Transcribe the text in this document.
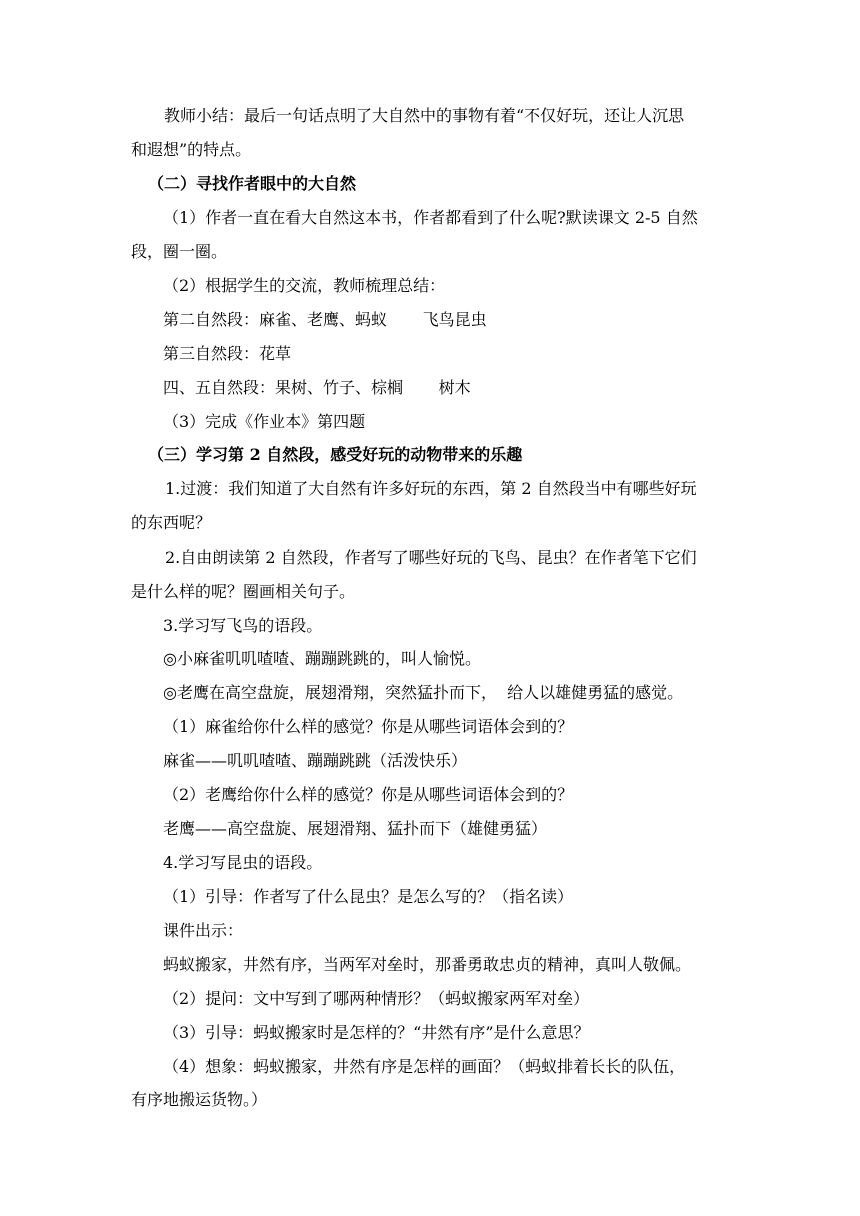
教师小结：最后一句话点明了大自然中的事物有着“不仅好玩，还让人沉思
和遐想”的特点。
（二）寻找作者眼中的大自然
（1）作者一直在看大自然这本书，作者都看到了什么呢?默读课文 2-5 自然
段，圈一圈。
（2）根据学生的交流，教师梳理总结：
第二自然段：麻雀、老鹰、蚂蚁       飞鸟昆虫
第三自然段：花草
四、五自然段：果树、竹子、棕榈       树木
（3）完成《作业本》第四题
（三）学习第 2 自然段，感受好玩的动物带来的乐趣
1.过渡：我们知道了大自然有许多好玩的东西，第 2 自然段当中有哪些好玩
的东西呢？
2.自由朗读第 2 自然段，作者写了哪些好玩的飞鸟、昆虫？在作者笔下它们
是什么样的呢？圈画相关句子。
3.学习写飞鸟的语段。
◎小麻雀叽叽喳喳、蹦蹦跳跳的，叫人愉悦。
◎老鹰在高空盘旋，展翅滑翔，突然猛扑而下，  给人以雄健勇猛的感觉。
（1）麻雀给你什么样的感觉？你是从哪些词语体会到的？
麻雀——叽叽喳喳、蹦蹦跳跳（活泼快乐）
（2）老鹰给你什么样的感觉？你是从哪些词语体会到的？
老鹰——高空盘旋、展翅滑翔、猛扑而下（雄健勇猛）
4.学习写昆虫的语段。
（1）引导：作者写了什么昆虫？是怎么写的？（指名读）
课件出示：
蚂蚁搬家，井然有序，当两军对垒时，那番勇敢忠贞的精神，真叫人敬佩。
（2）提问：文中写到了哪两种情形？（蚂蚁搬家两军对垒）
（3）引导：蚂蚁搬家时是怎样的？“井然有序”是什么意思？
（4）想象：蚂蚁搬家，井然有序是怎样的画面？（蚂蚁排着长长的队伍，
有序地搬运货物。）
